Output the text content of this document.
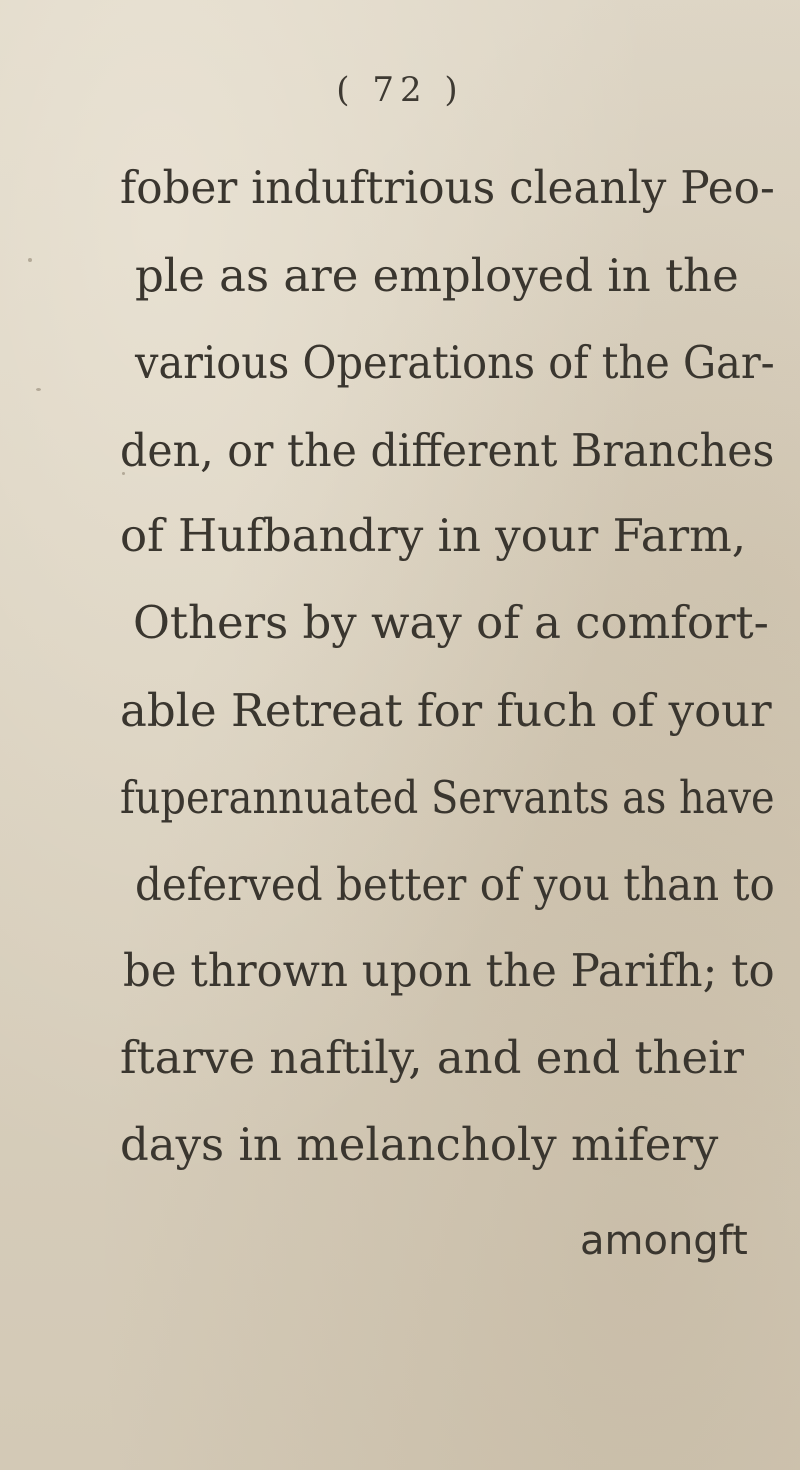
( 72 )
fober induftrious cleanly Peo-
ple as are employed in the
various Operations of the Gar-
den, or the different Branches
of Hufbandry in your Farm,
Others by way of a comfort-
able Retreat for fuch of your
fuperannuated Servants as have
deferved better of you than to
be thrown upon the Parifh; to
ftarve naftily, and end their
days in melancholy mifery
amongft
